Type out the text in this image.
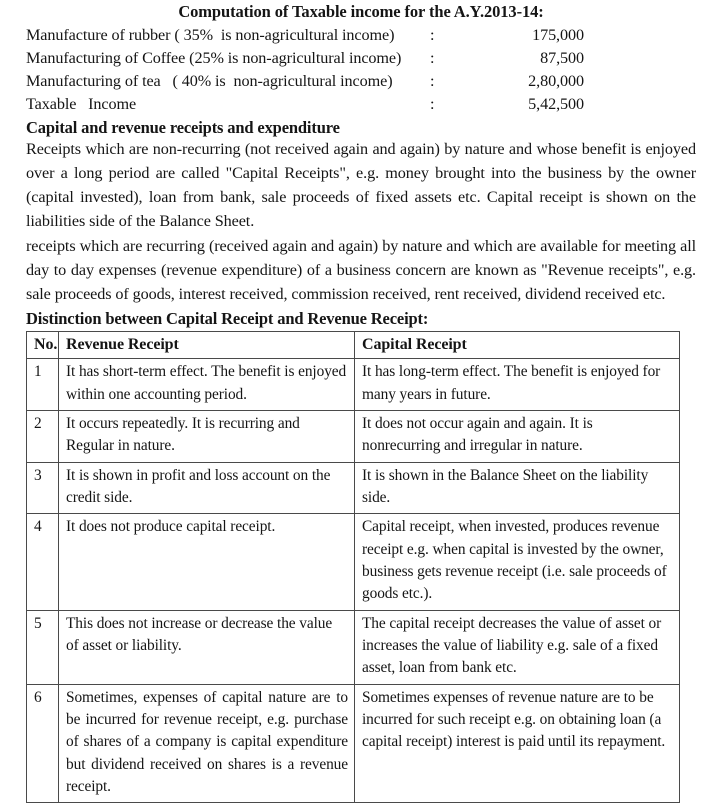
Computation of Taxable income for the A.Y.2013-14:
Manufacture of rubber ( 35%  is non-agricultural income)	:	175,000
Manufacturing of Coffee (25% is non-agricultural income)	:	87,500
Manufacturing of tea   ( 40% is  non-agricultural income)	:	2,80,000
Taxable   Income	:	5,42,500
Capital and revenue receipts and expenditure

Receipts which are non-recurring (not received again and again) by nature and whose benefit is enjoyed over a long period are called "Capital Receipts", e.g. money brought into the business by the owner (capital invested), loan from bank, sale proceeds of fixed assets etc. Capital receipt is shown on the liabilities side of the Balance Sheet.

receipts which are recurring (received again and again) by nature and which are available for meeting all day to day expenses (revenue expenditure) of a business concern are known as "Revenue receipts", e.g. sale proceeds of goods, interest received, commission received, rent received, dividend received etc.

Distinction between Capital Receipt and Revenue Receipt:
No.	Revenue Receipt	Capital Receipt
1	It has short-term effect. The benefit is enjoyed within one accounting period.	It has long-term effect. The benefit is enjoyed for many years in future.
2	It occurs repeatedly. It is recurring and Regular in nature.	It does not occur again and again. It is nonrecurring and irregular in nature.
3	It is shown in profit and loss account on the credit side.	It is shown in the Balance Sheet on the liability side.
4	It does not produce capital receipt.	Capital receipt, when invested, produces revenue receipt e.g. when capital is invested by the owner, business gets revenue receipt (i.e. sale proceeds of goods etc.).
5	This does not increase or decrease the value of asset or liability.	The capital receipt decreases the value of asset or increases the value of liability e.g. sale of a fixed asset, loan from bank etc.
6	Sometimes, expenses of capital nature are to be incurred for revenue receipt, e.g. purchase of shares of a company is capital expenditure but dividend received on shares is a revenue receipt.	Sometimes expenses of revenue nature are to be incurred for such receipt e.g. on obtaining loan (a capital receipt) interest is paid until its repayment.
